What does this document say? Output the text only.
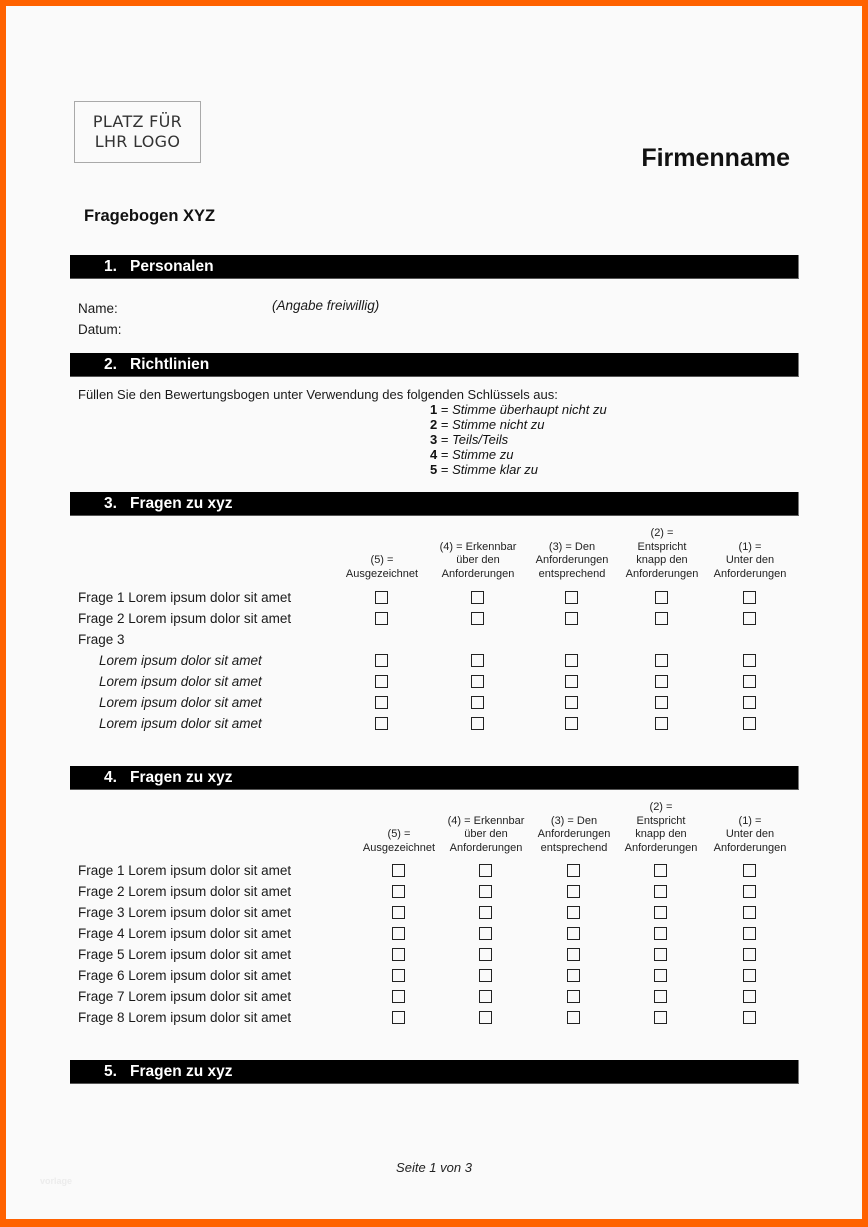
PLATZ FÜR
LHR LOGO
Firmenname
Fragebogen XYZ
1. Personalen
Name:	(Angabe freiwillig)
Datum:
2. Richtlinien
Füllen Sie den Bewertungsbogen unter Verwendung des folgenden Schlüssels aus:
1 = Stimme überhaupt nicht zu
2 = Stimme nicht zu
3 = Teils/Teils
4 = Stimme zu
5 = Stimme klar zu
3. Fragen zu xyz
(5) =
Ausgezeichnet
(4) = Erkennbar
über den
Anforderungen
(3) = Den
Anforderungen
entsprechend
(2) =
Entspricht
knapp den
Anforderungen
(1) =
Unter den
Anforderungen
Frage 1 Lorem ipsum dolor sit amet
Frage 2 Lorem ipsum dolor sit amet
Frage 3
Lorem ipsum dolor sit amet
Lorem ipsum dolor sit amet
Lorem ipsum dolor sit amet
Lorem ipsum dolor sit amet
4. Fragen zu xyz
(5) =
Ausgezeichnet
(4) = Erkennbar
über den
Anforderungen
(3) = Den
Anforderungen
entsprechend
(2) =
Entspricht
knapp den
Anforderungen
(1) =
Unter den
Anforderungen
Frage 1 Lorem ipsum dolor sit amet
Frage 2 Lorem ipsum dolor sit amet
Frage 3 Lorem ipsum dolor sit amet
Frage 4 Lorem ipsum dolor sit amet
Frage 5 Lorem ipsum dolor sit amet
Frage 6 Lorem ipsum dolor sit amet
Frage 7 Lorem ipsum dolor sit amet
Frage 8 Lorem ipsum dolor sit amet
5. Fragen zu xyz
Seite 1 von 3
vorlage
